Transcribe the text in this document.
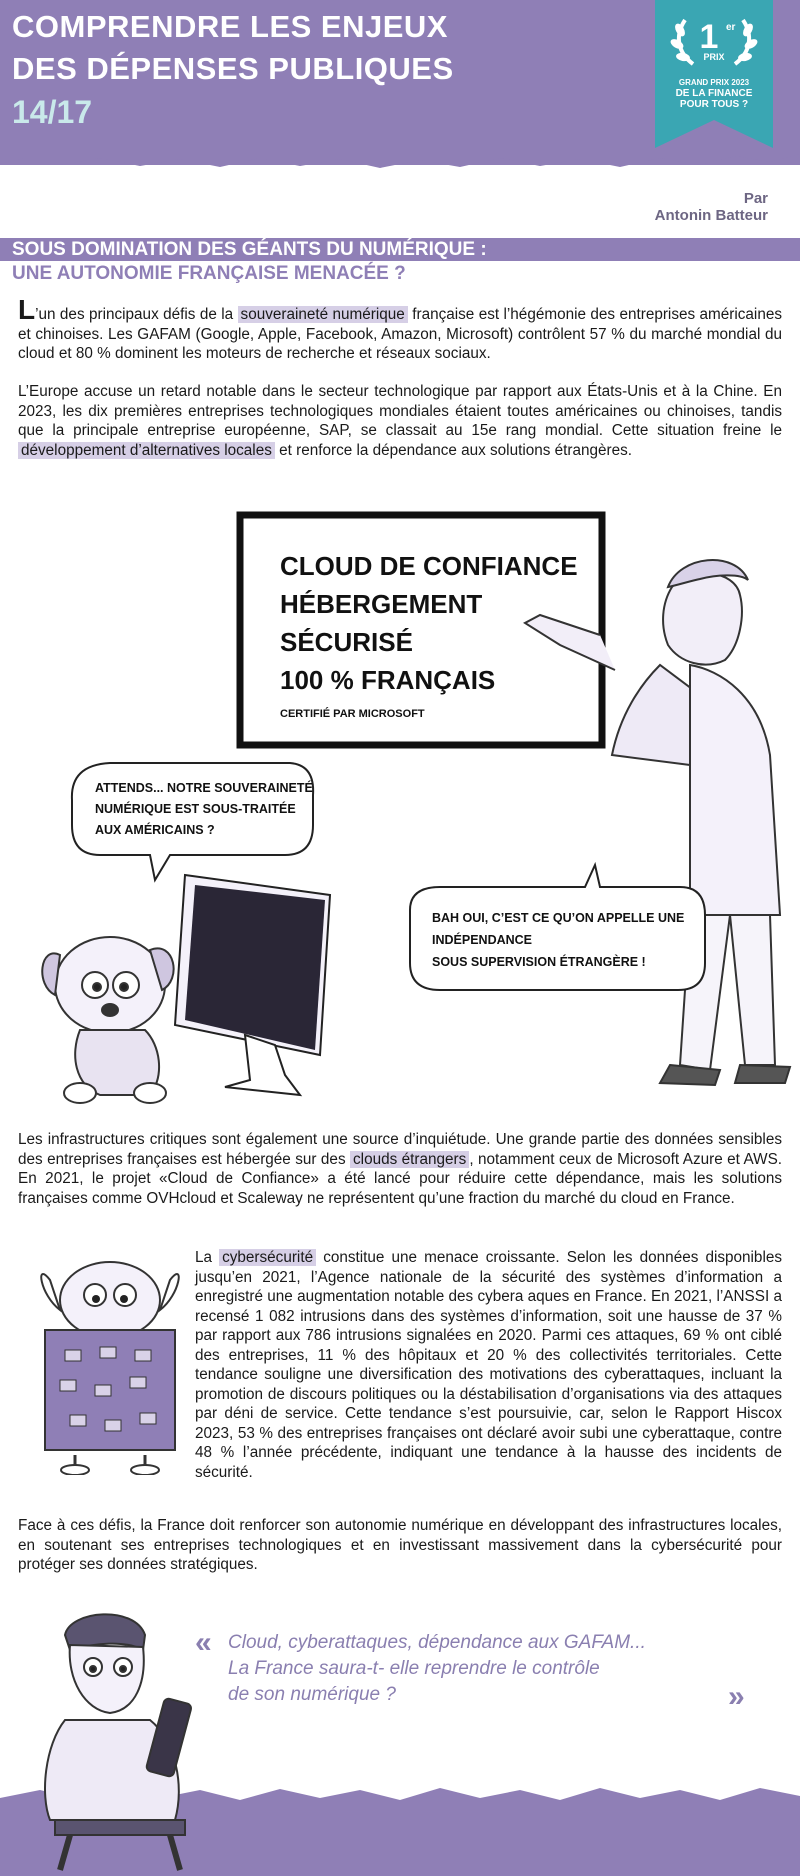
COMPRENDRE LES ENJEUX
DES DÉPENSES PUBLIQUES
14/17
1 er
PRIX
GRAND PRIX 2023
DE LA FINANCE
POUR TOUS ?
Par
Antonin Batteur
SOUS DOMINATION DES GÉANTS DU NUMÉRIQUE :
UNE AUTONOMIE FRANÇAISE MENACÉE ?
L’un des principaux défis de la souveraineté numérique française est l’hégémonie des entreprises américaines et chinoises. Les GAFAM (Google, Apple, Facebook, Amazon, Microsoft) contrôlent 57 % du marché mondial du cloud et 80 % dominent les moteurs de recherche et réseaux sociaux.
L’Europe accuse un retard notable dans le secteur technologique par rapport aux États-Unis et à la Chine. En 2023, les dix premières entreprises technologiques mondiales étaient toutes américaines ou chinoises, tandis que la principale entreprise européenne, SAP, se classait au 15e rang mondial. Cette situation freine le développement d’alternatives locales et renforce la dépendance aux solutions étrangères.
CLOUD DE CONFIANCE
HÉBERGEMENT
SÉCURISÉ
100 % FRANÇAIS
CERTIFIÉ PAR MICROSOFT
ATTENDS... NOTRE SOUVERAINETÉ
NUMÉRIQUE EST SOUS-TRAITÉE
AUX AMÉRICAINS ?
BAH OUI, C’EST CE QU’ON APPELLE UNE
INDÉPENDANCE
SOUS SUPERVISION ÉTRANGÈRE !
Les infrastructures critiques sont également une source d’inquiétude. Une grande partie des données sensibles des entreprises françaises est hébergée sur des clouds étrangers , notamment ceux de Microsoft Azure et AWS. En 2021, le projet «Cloud de Confiance» a été lancé pour réduire cette dépendance, mais les solutions françaises comme OVHcloud et Scaleway ne représentent qu’une fraction du marché du cloud en France.
La cybersécurité constitue une menace croissante. Selon les données disponibles jusqu’en 2021, l’Agence nationale de la sécurité des systèmes d’information a enregistré une augmentation notable des cybera aques en France. En 2021, l’ANSSI a recensé 1 082 intrusions dans des systèmes d’information, soit une hausse de 37 % par rapport aux 786 intrusions signalées en 2020. Parmi ces attaques, 69 % ont ciblé des entreprises, 11 % des hôpitaux et 20 % des collectivités territoriales. Cette tendance souligne une diversification des motivations des cyberattaques, incluant la promotion de discours politiques ou la déstabilisation d’organisations via des attaques par déni de service. Cette tendance s’est poursuivie, car, selon le Rapport Hiscox 2023, 53 % des entreprises françaises ont déclaré avoir subi une cyberattaque, contre 48 % l’année précédente, indiquant une tendance à la hausse des incidents de sécurité.
Face à ces défis, la France doit renforcer son autonomie numérique en développant des infrastructures locales, en soutenant ses entreprises technologiques et en investissant massivement dans la cybersécurité pour protéger ses données stratégiques.
« Cloud, cyberattaques, dépendance aux GAFAM...
La France saura-t- elle reprendre le contrôle
de son numérique ?	»
